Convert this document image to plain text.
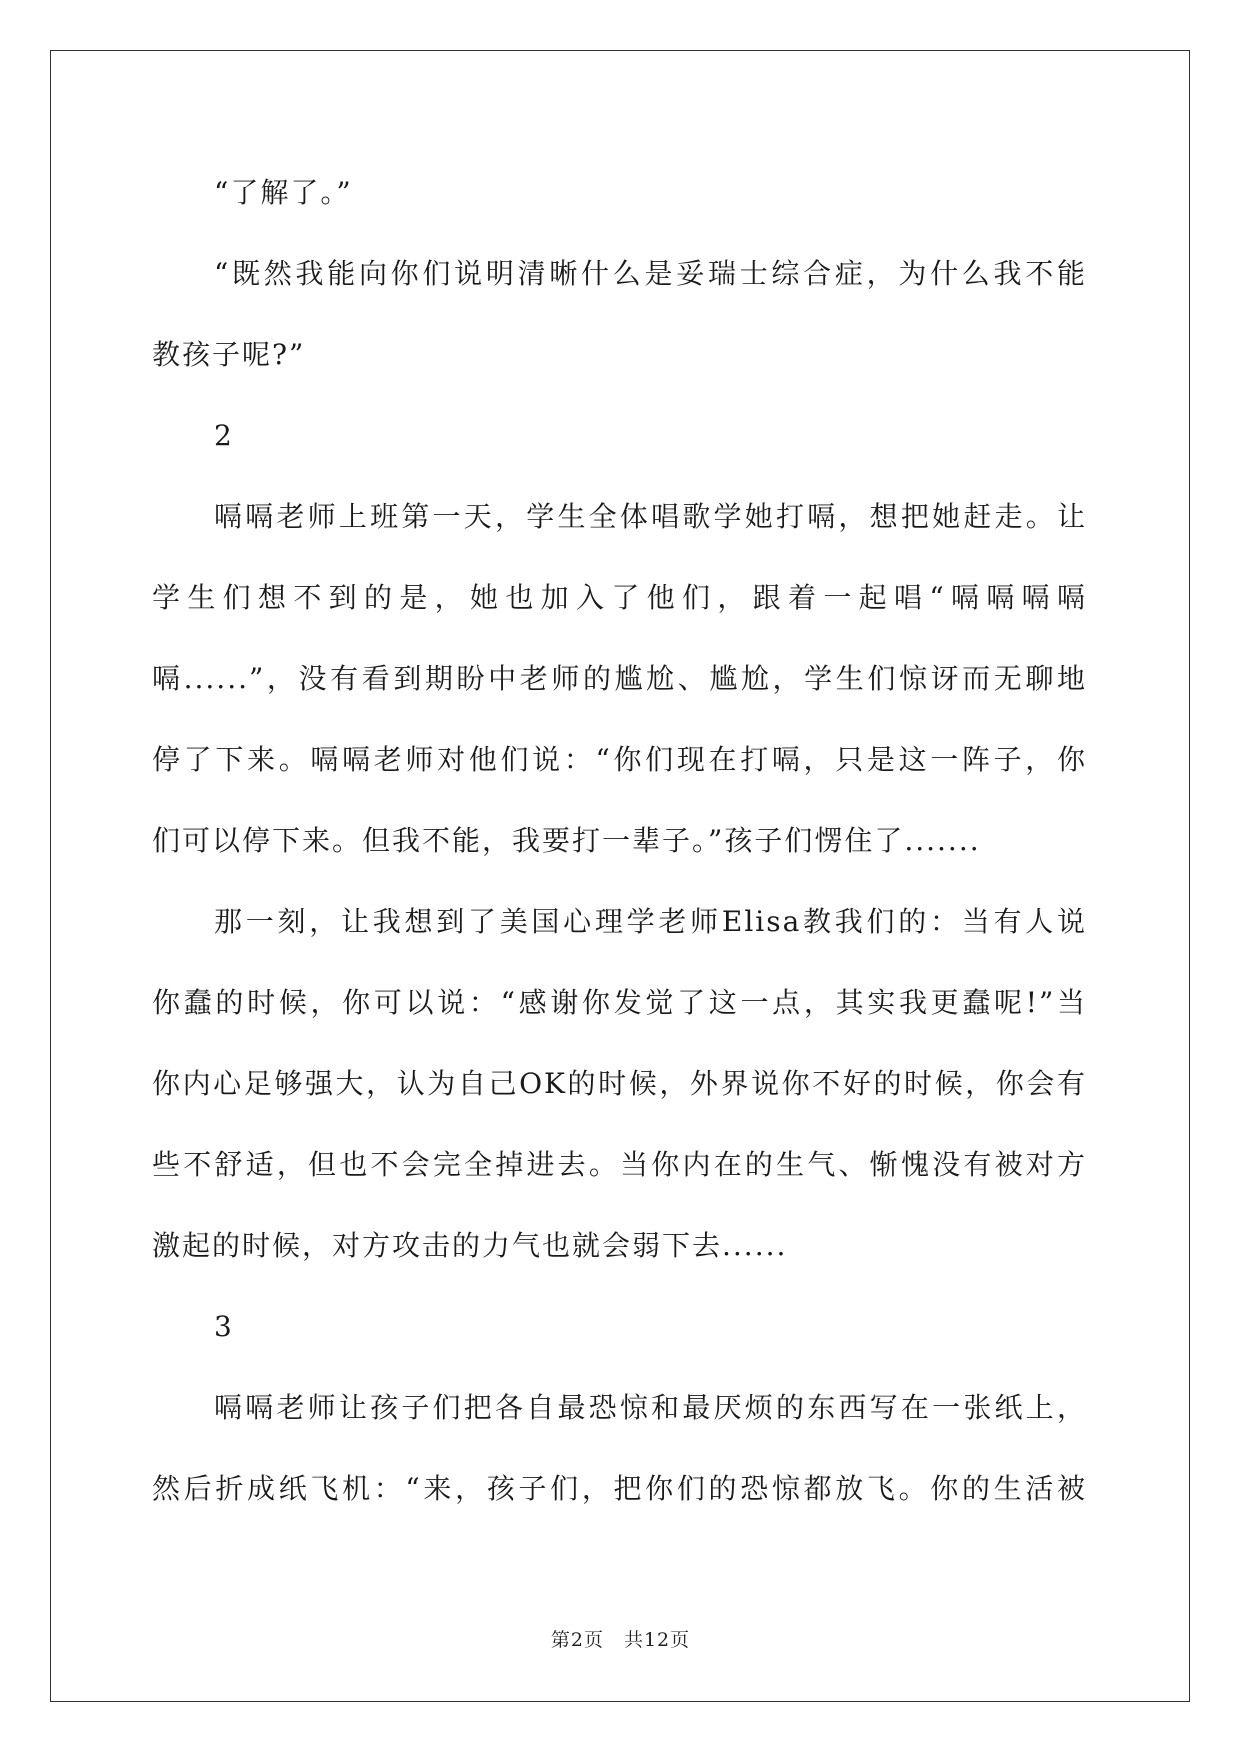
“了解了。”
“既然我能向你们说明清晰什么是妥瑞士综合症，为什么我不能
教孩子呢?”
2
嗝嗝老师上班第一天，学生全体唱歌学她打嗝，想把她赶走。让
学生们想不到的是，她也加入了他们，跟着一起唱“嗝嗝嗝嗝
嗝......”，没有看到期盼中老师的尴尬、尴尬，学生们惊讶而无聊地
停了下来。嗝嗝老师对他们说：“你们现在打嗝，只是这一阵子，你
们可以停下来。但我不能，我要打一辈子。”孩子们愣住了.......
那一刻，让我想到了美国心理学老师Elisa教我们的：当有人说
你蠢的时候，你可以说：“感谢你发觉了这一点，其实我更蠢呢!”当
你内心足够强大，认为自己OK的时候，外界说你不好的时候，你会有
些不舒适，但也不会完全掉进去。当你内在的生气、惭愧没有被对方
激起的时候，对方攻击的力气也就会弱下去......
3
嗝嗝老师让孩子们把各自最恐惊和最厌烦的东西写在一张纸上，
然后折成纸飞机：“来，孩子们，把你们的恐惊都放飞。你的生活被
第2页　共12页
